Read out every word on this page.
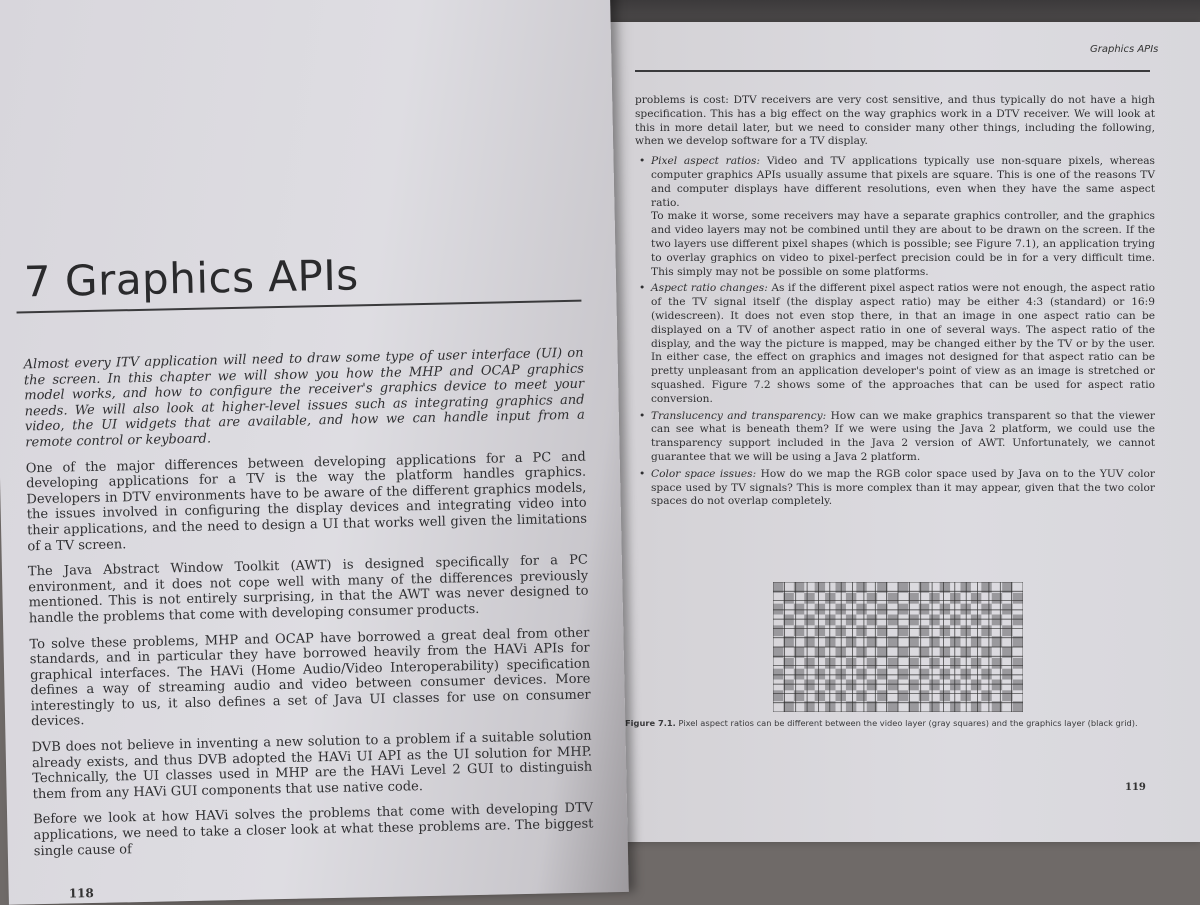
Graphics APIs

problems is cost: DTV receivers are very cost sensitive, and thus typically do not have a high specification. This has a big effect on the way graphics work in a DTV receiver. We will look at this in more detail later, but we need to consider many other things, including the following, when we develop software for a TV display.

• Pixel aspect ratios: Video and TV applications typically use non-square pixels, whereas computer graphics APIs usually assume that pixels are square. This is one of the reasons TV and computer displays have different resolutions, even when they have the same aspect ratio.

To make it worse, some receivers may have a separate graphics controller, and the graphics and video layers may not be combined until they are about to be drawn on the screen. If the two layers use different pixel shapes (which is possible; see Figure 7.1), an application trying to overlay graphics on video to pixel-perfect precision could be in for a very difficult time. This simply may not be possible on some platforms.

• Aspect ratio changes: As if the different pixel aspect ratios were not enough, the aspect ratio of the TV signal itself (the display aspect ratio) may be either 4:3 (standard) or 16:9 (widescreen). It does not even stop there, in that an image in one aspect ratio can be displayed on a TV of another aspect ratio in one of several ways. The aspect ratio of the display, and the way the picture is mapped, may be changed either by the TV or by the user. In either case, the effect on graphics and images not designed for that aspect ratio can be pretty unpleasant from an application developer's point of view as an image is stretched or squashed. Figure 7.2 shows some of the approaches that can be used for aspect ratio conversion.
• Translucency and transparency: How can we make graphics transparent so that the viewer can see what is beneath them? If we were using the Java 2 platform, we could use the transparency support included in the Java 2 version of AWT. Unfortunately, we cannot guarantee that we will be using a Java 2 platform.
• Color space issues: How do we map the RGB color space used by Java on to the YUV color space used by TV signals? This is more complex than it may appear, given that the two color spaces do not overlap completely.
Figure 7.1. Pixel aspect ratios can be different between the video layer (gray squares) and the graphics layer (black grid).
119
7 Graphics APIs

Almost every ITV application will need to draw some type of user interface (UI) on the screen. In this chapter we will show you how the MHP and OCAP graphics model works, and how to configure the receiver's graphics device to meet your needs. We will also look at higher-level issues such as integrating graphics and video, the UI widgets that are available, and how we can handle input from a remote control or keyboard.

One of the major differences between developing applications for a PC and developing applications for a TV is the way the platform handles graphics. Developers in DTV environments have to be aware of the different graphics models, the issues involved in configuring the display devices and integrating video into their applications, and the need to design a UI that works well given the limitations of a TV screen.

The Java Abstract Window Toolkit (AWT) is designed specifically for a PC environment, and it does not cope well with many of the differences previously mentioned. This is not entirely surprising, in that the AWT was never designed to handle the problems that come with developing consumer products.

To solve these problems, MHP and OCAP have borrowed a great deal from other standards, and in particular they have borrowed heavily from the HAVi APIs for graphical interfaces. The HAVi (Home Audio/Video Interoperability) specification defines a way of streaming audio and video between consumer devices. More interestingly to us, it also defines a set of Java UI classes for use on consumer devices.

DVB does not believe in inventing a new solution to a problem if a suitable solution already exists, and thus DVB adopted the HAVi UI API as the UI solution for MHP. Technically, the UI classes used in MHP are the HAVi Level 2 GUI to distinguish them from any HAVi GUI components that use native code.

Before we look at how HAVi solves the problems that come with developing DTV applications, we need to take a closer look at what these problems are. The biggest single cause of

118
